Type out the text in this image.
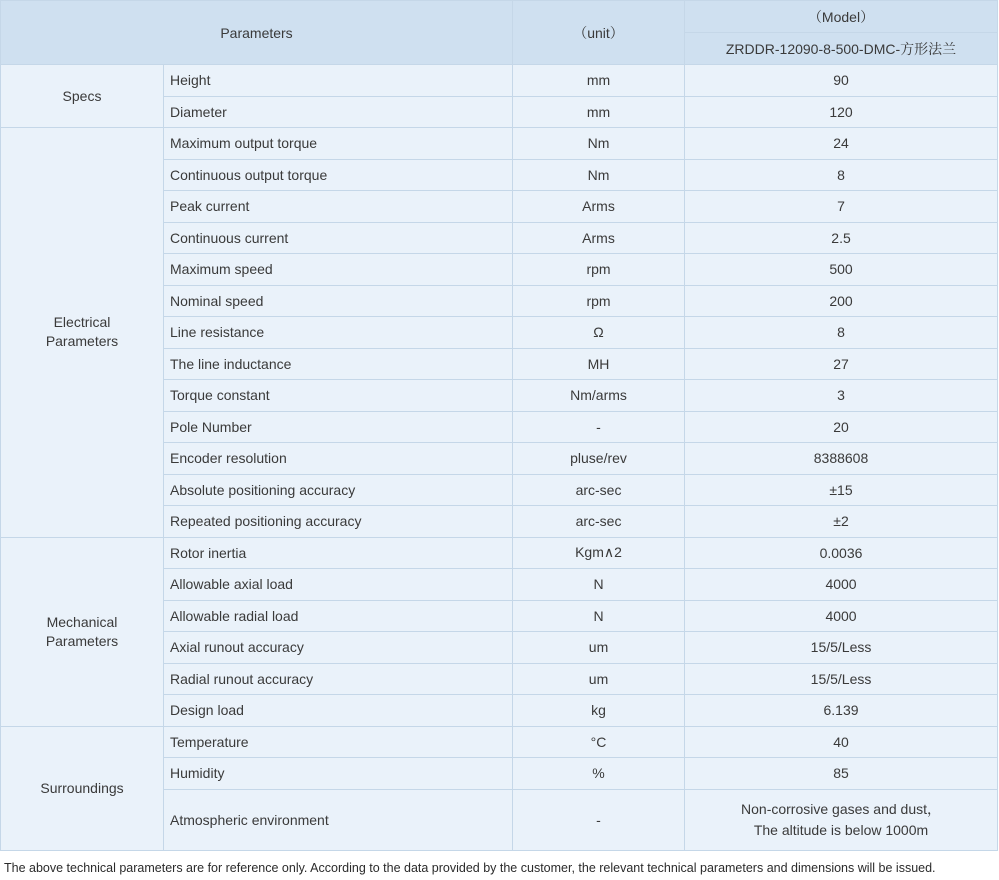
Parameters		（unit）	（Model）
			ZRDDR-12090-8-500-DMC-方形法兰
Specs	Height	mm	90
	Diameter	mm	120

Electrical
Parameters	Maximum output torque	Nm	24
	Continuous output torque	Nm	8
	Peak current	Arms	7
	Continuous current	Arms	2.5
	Maximum speed	rpm	500
	Nominal speed	rpm	200
	Line resistance	Ω	8
	The line inductance	MH	27
	Torque constant	Nm/arms	3
	Pole Number	-	20
	Encoder resolution	pluse/rev	8388608
	Absolute positioning accuracy	arc-sec	±15
	Repeated positioning accuracy	arc-sec	±2

Mechanical
Parameters	Rotor inertia	Kgm∧2	0.0036
	Allowable axial load	N	4000
	Allowable radial load	N	4000
	Axial runout accuracy	um	15/5/Less
	Radial runout accuracy	um	15/5/Less
	Design load	kg	6.139
Surroundings	Temperature	°C	40
	Humidity	%	85
	Atmospheric environment	-	Non-corrosive gases and dust，
The altitude is below 1000m
The above technical parameters are for reference only. According to the data provided by the customer, the relevant technical parameters and dimensions will be issued.
